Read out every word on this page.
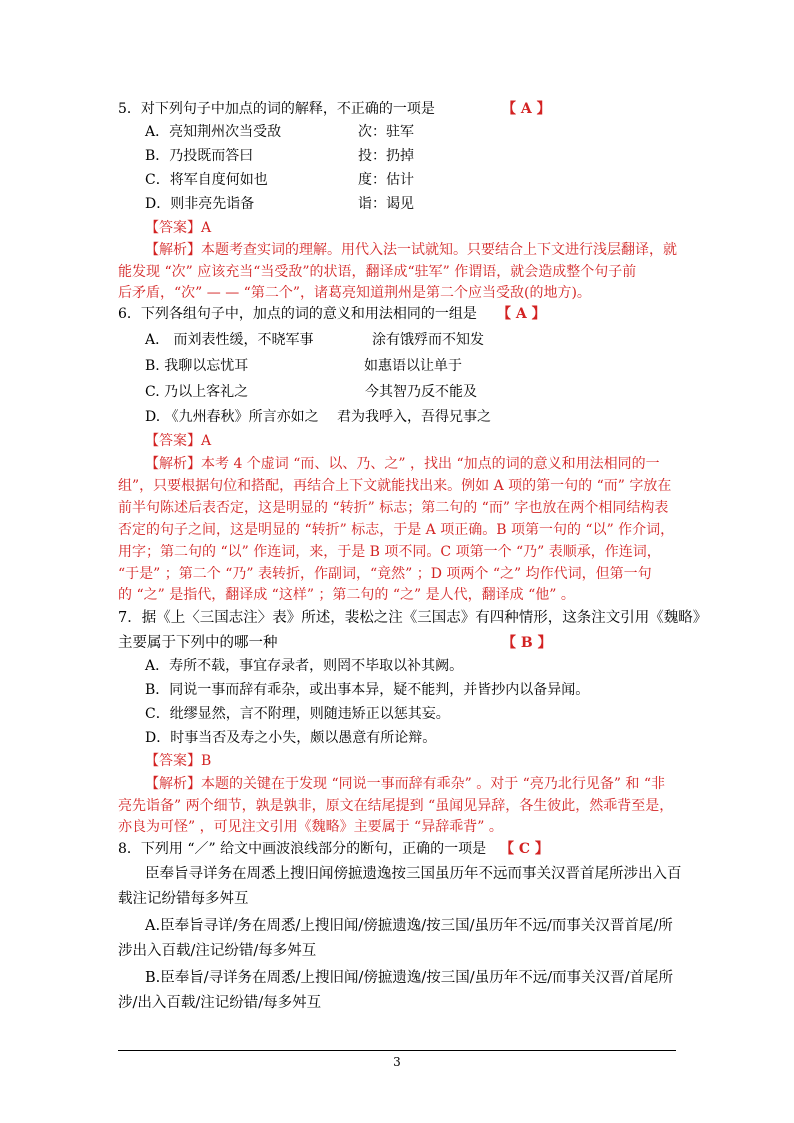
5．对下列句子中加点的词的解释，不正确的一项是	【 A 】
A．亮知荆州次当受敌	次：驻军
B．乃投既而答曰	投：扔掉
C．将军自度何如也	度：估计
D．则非亮先诣备	诣：谒见
【答案】A
【解析】本题考查实词的理解。用代入法一试就知。只要结合上下文进行浅层翻译，就
能发现 “次” 应该充当“当受敌”的状语，翻译成“驻军” 作谓语，就会造成整个句子前
后矛盾，“次” — — “第二个”，诸葛亮知道荆州是第二个应当受敌(的地方)。
6．下列各组句子中，加点的词的意义和用法相同的一组是 【 A 】
A． 而刘表性缓，不晓军事	涂有饿殍而不知发
B. 我聊以忘忧耳	如惠语以让单于
C. 乃以上客礼之	今其智乃反不能及
D. 《九州春秋》所言亦如之 君为我呼入，吾得兄事之
【答案】A
【解析】本考 4 个虚词 “而、以、乃、之” ，找出 “加点的词的意义和用法相同的一
组”，只要根据句位和搭配，再结合上下文就能找出来。例如 A 项的第一句的 “而” 字放在
前半句陈述后表否定，这是明显的 “转折” 标志；第二句的 “而” 字也放在两个相同结构表
否定的句子之间，这是明显的 “转折” 标志，于是 A 项正确。B 项第一句的 “以” 作介词，
用字；第二句的 “以” 作连词，来，于是 B 项不同。C 项第一个 “乃” 表顺承，作连词，
“于是” ；第二个 “乃” 表转折，作副词，“竟然” ；D 项两个 “之” 均作代词，但第一句
的 “之” 是指代，翻译成 “这样” ；第二句的 “之” 是人代，翻译成 “他” 。
7．据《上〈三国志注〉表》所述，裴松之注《三国志》有四种情形，这条注文引用《魏略》
主要属于下列中的哪一种	【 B 】
A．寿所不载，事宜存录者，则罔不毕取以补其阙。
B．同说一事而辞有乖杂，或出事本异，疑不能判，并皆抄内以备异闻。
C．纰缪显然，言不附理，则随违矫正以惩其妄。
D．时事当否及寿之小失，颇以愚意有所论辩。
【答案】B
【解析】本题的关键在于发现 “同说一事而辞有乖杂” 。对于 “亮乃北行见备” 和 “非
亮先诣备” 两个细节，孰是孰非，原文在结尾提到 “虽闻见异辞，各生彼此，然乖背至是，
亦良为可怪” ，可见注文引用《魏略》主要属于 “异辞乖背” 。
8．下列用 “／” 给文中画波浪线部分的断句，正确的一项是 【 C 】
臣奉旨寻详务在周悉上搜旧闻傍摭遗逸按三国虽历年不远而事关汉晋首尾所涉出入百
载注记纷错每多舛互
A.臣奉旨寻详/务在周悉/上搜旧闻/傍摭遗逸/按三国/虽历年不远/而事关汉晋首尾/所
涉出入百载/注记纷错/每多舛互
B.臣奉旨/寻详务在周悉/上搜旧闻/傍摭遗逸/按三国/虽历年不远/而事关汉晋/首尾所
涉/出入百载/注记纷错/每多舛互
3
